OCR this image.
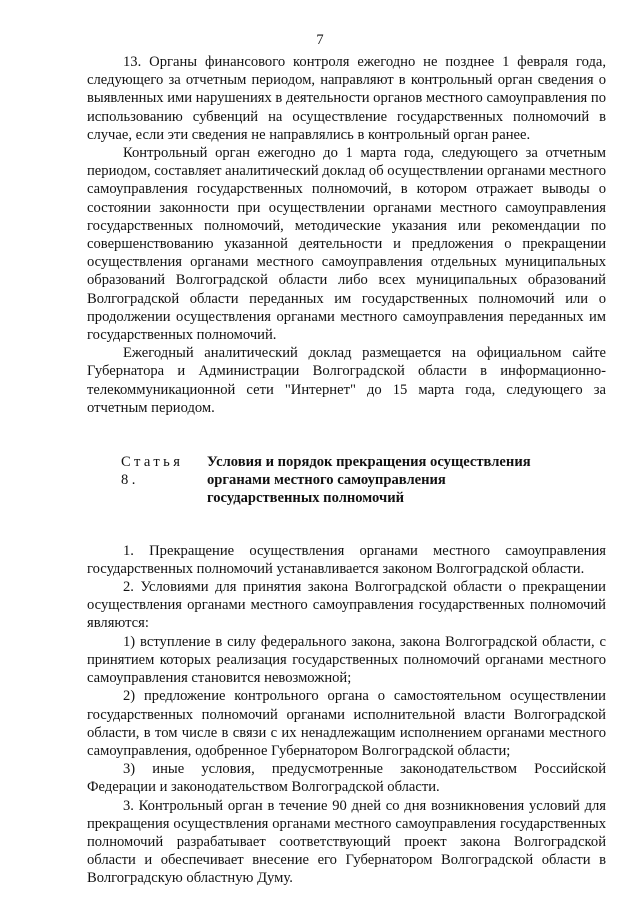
7

13. Органы финансового контроля ежегодно не позднее 1 февраля года, следующего за отчетным периодом, направляют в контрольный орган сведения о выявленных ими нарушениях в деятельности органов местного самоуправления по использованию субвенций на осуществление государственных полномочий в случае, если эти сведения не направлялись в контрольный орган ранее.

Контрольный орган ежегодно до 1 марта года, следующего за отчетным периодом, составляет аналитический доклад об осуществлении органами местного самоуправления государственных полномочий, в котором отражает выводы о состоянии законности при осуществлении органами местного самоуправления государственных полномочий, методические указания или рекомендации по совершенствованию указанной деятельности и предложения о прекращении осуществления органами местного самоуправления отдельных муниципальных образований Волгоградской области либо всех муниципальных образований Волгоградской области переданных им государственных полномочий или о продолжении осуществления органами местного самоуправления переданных им государственных полномочий.

Ежегодный аналитический доклад размещается на официальном сайте Губернатора и Администрации Волгоградской области в информационно-телекоммуникационной сети "Интернет" до 15 марта года, следующего за отчетным периодом.

Статья 8.Условия и порядок прекращения осуществления
органами местного самоуправления
государственных полномочий

1. Прекращение осуществления органами местного самоуправления государственных полномочий устанавливается законом Волгоградской области.

2. Условиями для принятия закона Волгоградской области о прекращении осуществления органами местного самоуправления государственных полномочий являются:

1) вступление в силу федерального закона, закона Волгоградской области, с принятием которых реализация государственных полномочий органами местного самоуправления становится невозможной;

2) предложение контрольного органа о самостоятельном осуществлении государственных полномочий органами исполнительной власти Волгоградской области, в том числе в связи с их ненадлежащим исполнением органами местного самоуправления, одобренное Губернатором Волгоградской области;

3) иные условия, предусмотренные законодательством Российской Федерации и законодательством Волгоградской области.

3. Контрольный орган в течение 90 дней со дня возникновения условий для прекращения осуществления органами местного самоуправления государственных полномочий разрабатывает соответствующий проект закона Волгоградской области и обеспечивает внесение его Губернатором Волгоградской области в Волгоградскую областную Думу.
